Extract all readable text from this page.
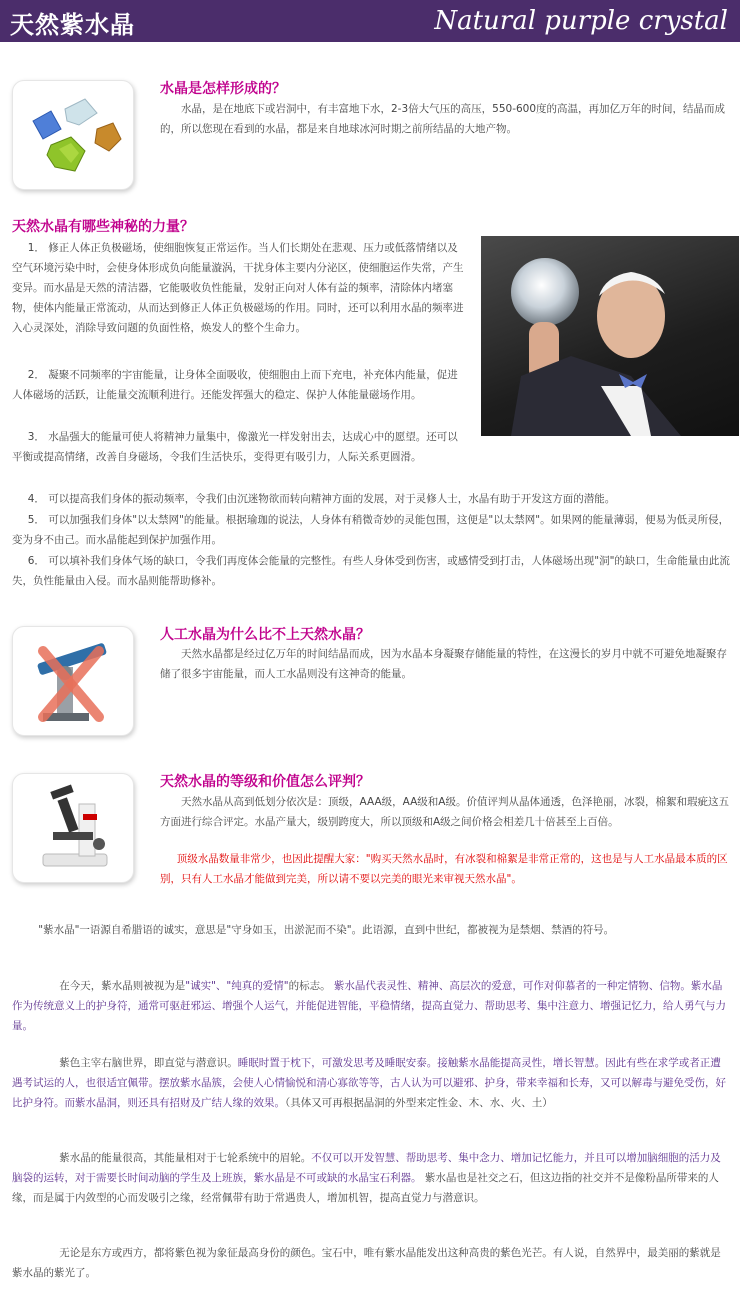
天然紫水晶	Natural purple crystal
水晶是怎样形成的？

水晶，是在地底下或岩洞中，有丰富地下水，2-3倍大气压的高压，550-600度的高温，再加亿万年的时间，结晶而成的，所以您现在看到的水晶，都是来自地球冰河时期之前所结晶的大地产物。

天然水晶有哪些神秘的力量？

1． 修正人体正负极磁场，使细胞恢复正常运作。当人们长期处在悲观、压力或低落情绪以及空气环境污染中时，会使身体形成负向能量漩涡，干扰身体主要内分泌区，使细胞运作失常，产生变异。而水晶是天然的清洁器，它能吸收负性能量，发射正向对人体有益的频率，清除体内堵塞物，使体内能量正常流动，从而达到修正人体正负极磁场的作用。同时，还可以利用水晶的频率进入心灵深处，消除导致问题的负面性格，焕发人的整个生命力。

2． 凝聚不同频率的宇宙能量，让身体全面吸收，使细胞由上而下充电，补充体内能量，促进人体磁场的活跃，让能量交流顺利进行。还能发挥强大的稳定、保护人体能量磁场作用。

3． 水晶强大的能量可使人将精神力量集中，像激光一样发射出去，达成心中的愿望。还可以平衡或提高情绪，改善自身磁场，令我们生活快乐，变得更有吸引力，人际关系更圆滑。

4． 可以提高我们身体的振动频率，令我们由沉迷物欲而转向精神方面的发展，对于灵修人士，水晶有助于开发这方面的潜能。

5． 可以加强我们身体"以太禁网"的能量。根据瑜珈的说法，人身体有稍微奇妙的灵能包围，这便是"以太禁网"。如果网的能量薄弱，便易为低灵所侵，变为身不由己。而水晶能起到保护加强作用。

6． 可以填补我们身体气场的缺口，令我们再度体会能量的完整性。有些人身体受到伤害，或感情受到打击，人体磁场出现"洞"的缺口，生命能量由此流失，负性能量由入侵。而水晶则能帮助修补。

人工水晶为什么比不上天然水晶？

天然水晶都是经过亿万年的时间结晶而成，因为水晶本身凝聚存储能量的特性，在这漫长的岁月中就不可避免地凝聚存储了很多宇宙能量，而人工水晶则没有这神奇的能量。

天然水晶的等级和价值怎么评判？

天然水晶从高到低划分依次是：顶级，AAA级，AA级和A级。价值评判从晶体通透，色泽艳丽，冰裂，棉絮和瑕疵这五方面进行综合评定。水晶产量大，级别跨度大，所以顶级和A级之间价格会相差几十倍甚至上百倍。

顶级水晶数量非常少，也因此提醒大家："购买天然水晶时，有冰裂和棉絮是非常正常的，这也是与人工水晶最本质的区别，只有人工水晶才能做到完美，所以请不要以完美的眼光来审视天然水晶"。

"紫水晶"一语源自希腊语的诚实，意思是"守身如玉，出淤泥而不染"。此语源，直到中世纪，都被视为是禁烟、禁酒的符号。

在今天，紫水晶则被视为是"诚实"、"纯真的爱情"的标志。 紫水晶代表灵性、精神、高层次的爱意，可作对仰慕者的一种定情物、信物。紫水晶作为传统意义上的护身符，通常可驱赶邪运、增强个人运气，并能促进智能，平稳情绪，提高直觉力、帮助思考、集中注意力、增强记忆力，给人勇气与力量。

紫色主宰右脑世界，即直觉与潜意识。睡眠时置于枕下，可激发思考及睡眠安泰。接触紫水晶能提高灵性，增长智慧。因此有些在求学或者正遭遇考试运的人，也很适宜佩带。摆放紫水晶簇，会使人心情愉悦和清心寡欲等等，古人认为可以避邪、护身，带来幸福和长寿，又可以解毒与避免受伤，好比护身符。而紫水晶洞，则还具有招财及广结人缘的效果。（具体又可再根据晶洞的外型来定性金、木、水、火、土）

紫水晶的能量很高，其能量相对于七轮系统中的眉轮。不仅可以开发智慧、帮助思考、集中念力、增加记忆能力，并且可以增加脑细胞的活力及脑袋的运转，对于需要长时间动脑的学生及上班族，紫水晶是不可或缺的水晶宝石利器。 紫水晶也是社交之石，但这边指的社交并不是像粉晶所带来的人缘，而是属于内敛型的心而发吸引之缘，经常佩带有助于常遇贵人，增加机智，提高直觉力与潜意识。

无论是东方或西方，都将紫色视为象征最高身份的颜色。宝石中，唯有紫水晶能发出这种高贵的紫色光芒。有人说，自然界中，最美丽的紫就是紫水晶的紫光了。
